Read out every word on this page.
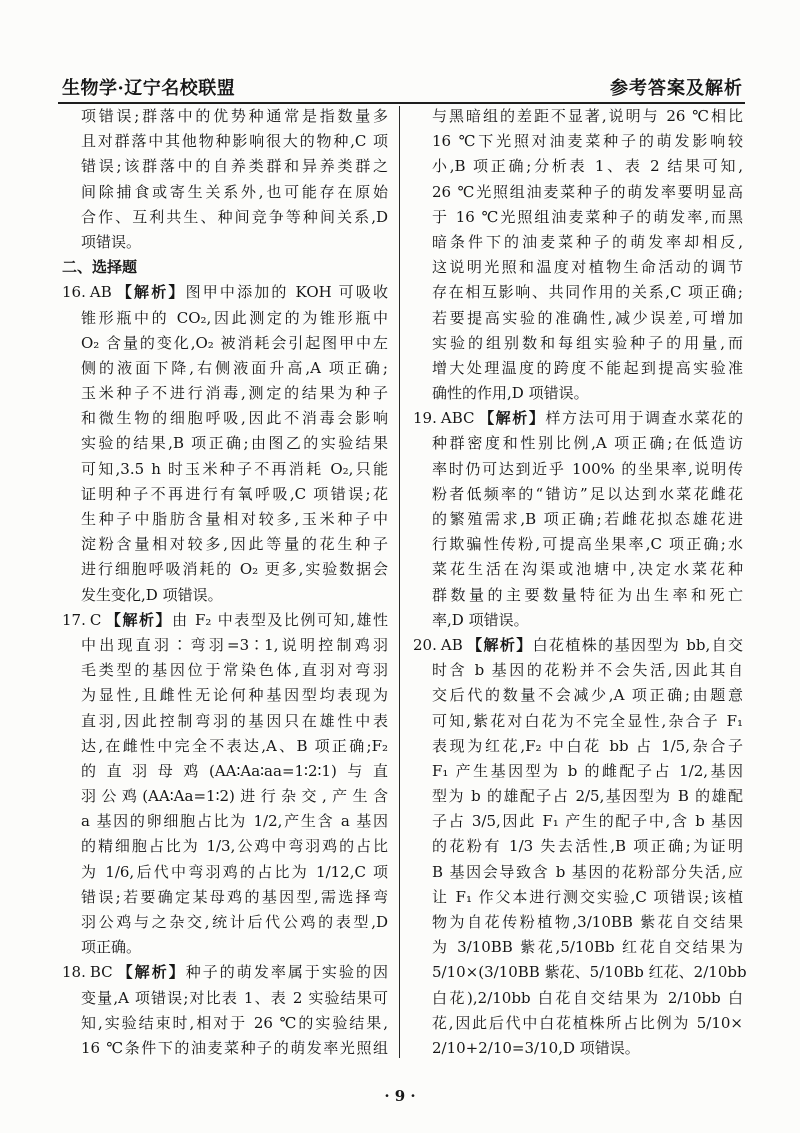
生物学·辽宁名校联盟	参考答案及解析
项错误;群落中的优势种通常是指数量多
且对群落中其他物种影响很大的物种,C 项
错误;该群落中的自养类群和异养类群之
间除捕食或寄生关系外,也可能存在原始
合作、互利共生、种间竞争等种间关系,D
项错误。
二、选择题
16. AB 【解析】图甲中添加的 KOH 可吸收
锥形瓶中的 CO₂,因此测定的为锥形瓶中
O₂ 含量的变化,O₂ 被消耗会引起图甲中左
侧的液面下降,右侧液面升高,A 项正确;
玉米种子不进行消毒,测定的结果为种子
和微生物的细胞呼吸,因此不消毒会影响
实验的结果,B 项正确;由图乙的实验结果
可知,3.5 h 时玉米种子不再消耗 O₂,只能
证明种子不再进行有氧呼吸,C 项错误;花
生种子中脂肪含量相对较多,玉米种子中
淀粉含量相对较多,因此等量的花生种子
进行细胞呼吸消耗的 O₂ 更多,实验数据会
发生变化,D 项错误。
17. C 【解析】由 F₂ 中表型及比例可知,雄性
中出现直羽∶弯羽=3∶1,说明控制鸡羽
毛类型的基因位于常染色体,直羽对弯羽
为显性,且雌性无论何种基因型均表现为
直羽,因此控制弯羽的基因只在雄性中表
达,在雌性中完全不表达,A、B 项正确;F₂
的直羽母鸡(AA∶Aa∶aa=1∶2∶1)与直
羽公鸡(AA∶Aa=1∶2)进行杂交,产生含
a 基因的卵细胞占比为 1/2,产生含 a 基因
的精细胞占比为 1/3,公鸡中弯羽鸡的占比
为 1/6,后代中弯羽鸡的占比为 1/12,C 项
错误;若要确定某母鸡的基因型,需选择弯
羽公鸡与之杂交,统计后代公鸡的表型,D
项正确。
18. BC 【解析】种子的萌发率属于实验的因
变量,A 项错误;对比表 1、表 2 实验结果可
知,实验结束时,相对于 26 ℃的实验结果,
16 ℃条件下的油麦菜种子的萌发率光照组
与黑暗组的差距不显著,说明与 26 ℃相比
16 ℃下光照对油麦菜种子的萌发影响较
小,B 项正确;分析表 1、表 2 结果可知,
26 ℃光照组油麦菜种子的萌发率要明显高
于 16 ℃光照组油麦菜种子的萌发率,而黑
暗条件下的油麦菜种子的萌发率却相反,
这说明光照和温度对植物生命活动的调节
存在相互影响、共同作用的关系,C 项正确;
若要提高实验的准确性,减少误差,可增加
实验的组别数和每组实验种子的用量,而
增大处理温度的跨度不能起到提高实验准
确性的作用,D 项错误。
19. ABC 【解析】样方法可用于调查水菜花的
种群密度和性别比例,A 项正确;在低造访
率时仍可达到近乎 100% 的坐果率,说明传
粉者低频率的“错访”足以达到水菜花雌花
的繁殖需求,B 项正确;若雌花拟态雄花进
行欺骗性传粉,可提高坐果率,C 项正确;水
菜花生活在沟渠或池塘中,决定水菜花种
群数量的主要数量特征为出生率和死亡
率,D 项错误。
20. AB 【解析】白花植株的基因型为 bb,自交
时含 b 基因的花粉并不会失活,因此其自
交后代的数量不会减少,A 项正确;由题意
可知,紫花对白花为不完全显性,杂合子 F₁
表现为红花,F₂ 中白花 bb 占 1/5,杂合子
F₁ 产生基因型为 b 的雌配子占 1/2,基因
型为 b 的雄配子占 2/5,基因型为 B 的雄配
子占 3/5,因此 F₁ 产生的配子中,含 b 基因
的花粉有 1/3 失去活性,B 项正确;为证明
B 基因会导致含 b 基因的花粉部分失活,应
让 F₁ 作父本进行测交实验,C 项错误;该植
物为自花传粉植物,3/10BB 紫花自交结果
为 3/10BB 紫花,5/10Bb 红花自交结果为
5/10×(3/10BB 紫花、5/10Bb 红花、2/10bb
白花),2/10bb 白花自交结果为 2/10bb 白
花,因此后代中白花植株所占比例为 5/10×
2/10+2/10=3/10,D 项错误。
· 9 ·
